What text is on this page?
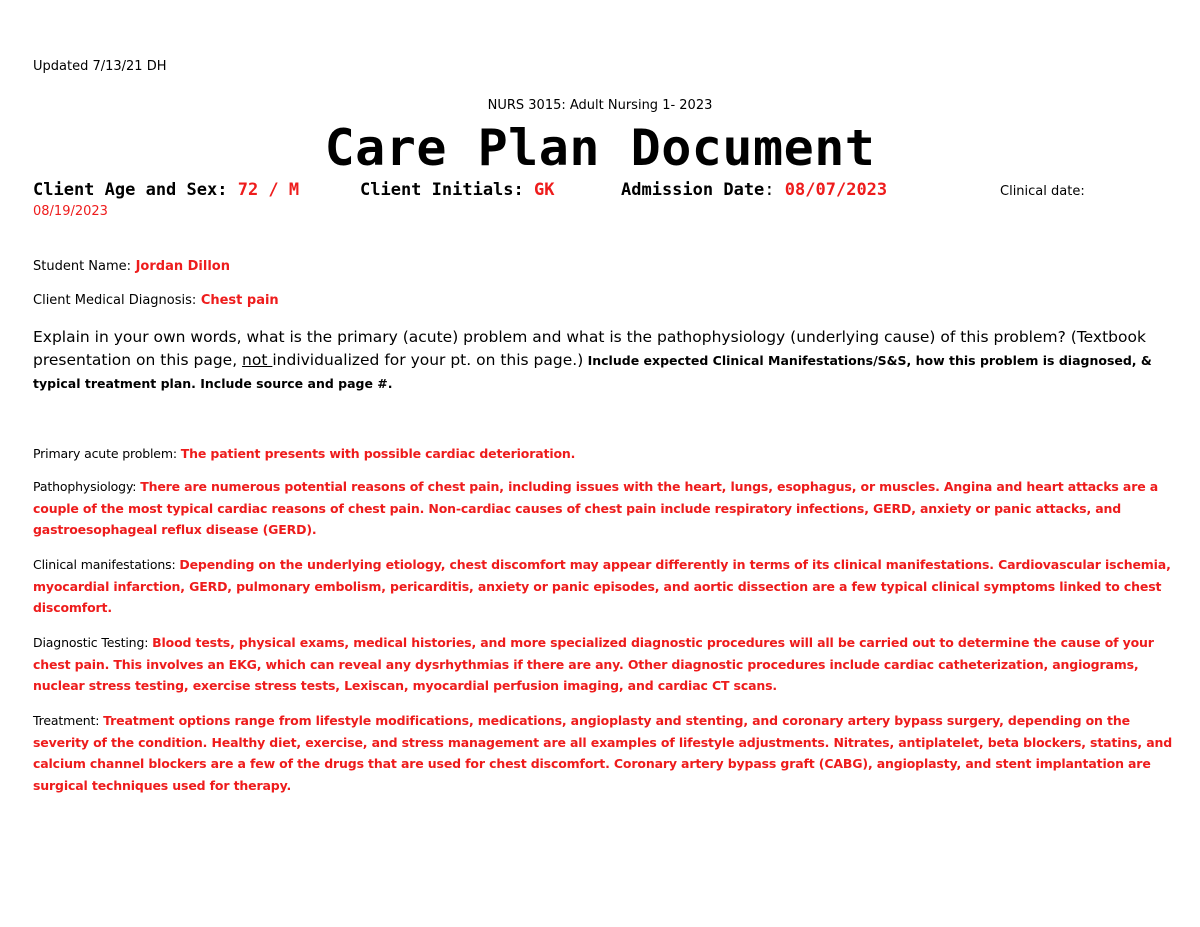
Updated 7/13/21 DH
NURS 3015: Adult Nursing 1- 2023
Care Plan Document
Client Age and Sex: 72 / M	Client Initials: GK	Admission Date: 08/07/2023	Clinical date:
08/19/2023
Student Name: Jordan Dillon
Client Medical Diagnosis: Chest pain
Explain in your own words, what is the primary (acute) problem and what is the pathophysiology (underlying cause) of this problem? (Textbook presentation on this page, not individualized for your pt. on this page.) Include expected Clinical Manifestations/S&S, how this problem is diagnosed, & typical treatment plan. Include source and page #.
Primary acute problem: The patient presents with possible cardiac deterioration.
Pathophysiology: There are numerous potential reasons of chest pain, including issues with the heart, lungs, esophagus, or muscles. Angina and heart attacks are a couple of the most typical cardiac reasons of chest pain. Non-cardiac causes of chest pain include respiratory infections, GERD, anxiety or panic attacks, and gastroesophageal reflux disease (GERD).
Clinical manifestations: Depending on the underlying etiology, chest discomfort may appear differently in terms of its clinical manifestations. Cardiovascular ischemia, myocardial infarction, GERD, pulmonary embolism, pericarditis, anxiety or panic episodes, and aortic dissection are a few typical clinical symptoms linked to chest discomfort.
Diagnostic Testing: Blood tests, physical exams, medical histories, and more specialized diagnostic procedures will all be carried out to determine the cause of your chest pain. This involves an EKG, which can reveal any dysrhythmias if there are any. Other diagnostic procedures include cardiac catheterization, angiograms, nuclear stress testing, exercise stress tests, Lexiscan, myocardial perfusion imaging, and cardiac CT scans.
Treatment: Treatment options range from lifestyle modifications, medications, angioplasty and stenting, and coronary artery bypass surgery, depending on the severity of the condition. Healthy diet, exercise, and stress management are all examples of lifestyle adjustments. Nitrates, antiplatelet, beta blockers, statins, and calcium channel blockers are a few of the drugs that are used for chest discomfort. Coronary artery bypass graft (CABG), angioplasty, and stent implantation are surgical techniques used for therapy.
